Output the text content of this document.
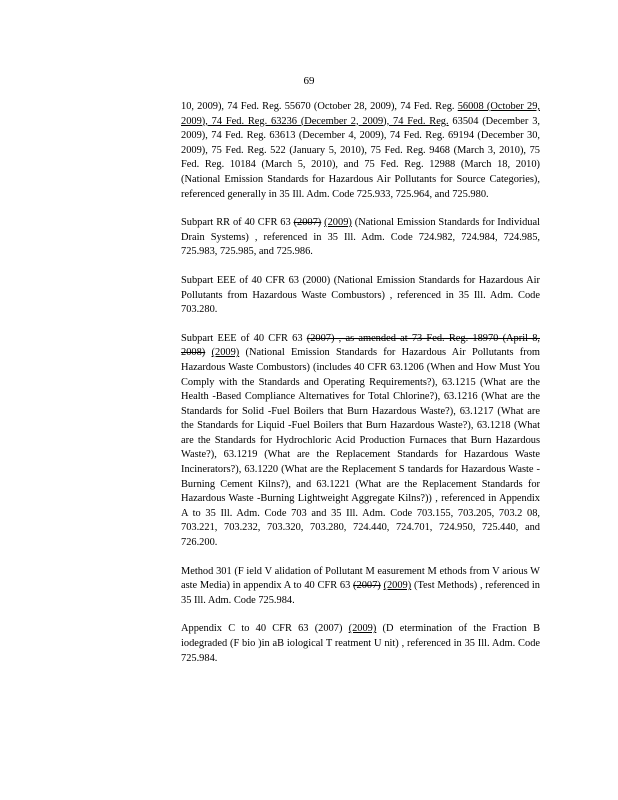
69

10, 2009), 74 Fed. Reg. 55670 (October 28, 2009), 74 Fed. Reg. 56008 (October 29, 2009), 74 Fed. Reg. 63236 (December 2, 2009), 74 Fed. Reg. 63504 (December 3, 2009), 74 Fed. Reg. 63613 (December 4, 2009), 74 Fed. Reg. 69194 (December 30, 2009), 75 Fed. Reg. 522 (January 5, 2010), 75 Fed. Reg. 9468 (March 3, 2010), 75 Fed. Reg. 10184 (March 5, 2010), and 75 Fed. Reg. 12988 (March 18, 2010) (National Emission Standards for Hazardous Air Pollutants for Source Categories), referenced generally in 35 Ill. Adm. Code 725.933, 725.964, and 725.980.

Subpart RR of 40 CFR 63 (2007) (2009) (National Emission Standards for Individual Drain Systems) , referenced in 35 Ill. Adm. Code 724.982, 724.984, 724.985, 725.983, 725.985, and 725.986.

Subpart EEE of 40 CFR 63 (2000) (National Emission Standards for Hazardous Air Pollutants from Hazardous Waste Combustors) , referenced in 35 Ill. Adm. Code 703.280.

Subpart EEE of 40 CFR 63 (2007) , as amended at 73 Fed. Reg. 18970 (April 8, 2008) (2009) (National Emission Standards for Hazardous Air Pollutants from Hazardous Waste Combustors) (includes 40 CFR 63.1206 (When and How Must You Comply with the Standards and Operating Requirements?), 63.1215 (What are the Health -Based Compliance Alternatives for Total Chlorine?), 63.1216 (What are the Standards for Solid -Fuel Boilers that Burn Hazardous Waste?), 63.1217 (What are the Standards for Liquid -Fuel Boilers that Burn Hazardous Waste?), 63.1218 (What are the Standards for Hydrochloric Acid Production Furnaces that Burn Hazardous Waste?), 63.1219 (What are the Replacement Standards for Hazardous Waste Incinerators?), 63.1220 (What are the Replacement S tandards for Hazardous Waste -Burning Cement Kilns?), and 63.1221 (What are the Replacement Standards for Hazardous Waste -Burning Lightweight Aggregate Kilns?)) , referenced in Appendix A to 35 Ill. Adm. Code 703 and 35 Ill. Adm. Code 703.155, 703.205, 703.2 08, 703.221, 703.232, 703.320, 703.280, 724.440, 724.701, 724.950, 725.440, and 726.200.

Method 301 (F ield V alidation of Pollutant M easurement M ethods from V arious W aste Media) in appendix A to 40 CFR 63 (2007) (2009) (Test Methods) , referenced in 35 Ill. Adm. Code 725.984.

Appendix C to 40 CFR 63 (2007) (2009) (D etermination of the Fraction B iodegraded (F bio )in aB iological T reatment U nit) , referenced in 35 Ill. Adm. Code 725.984.
